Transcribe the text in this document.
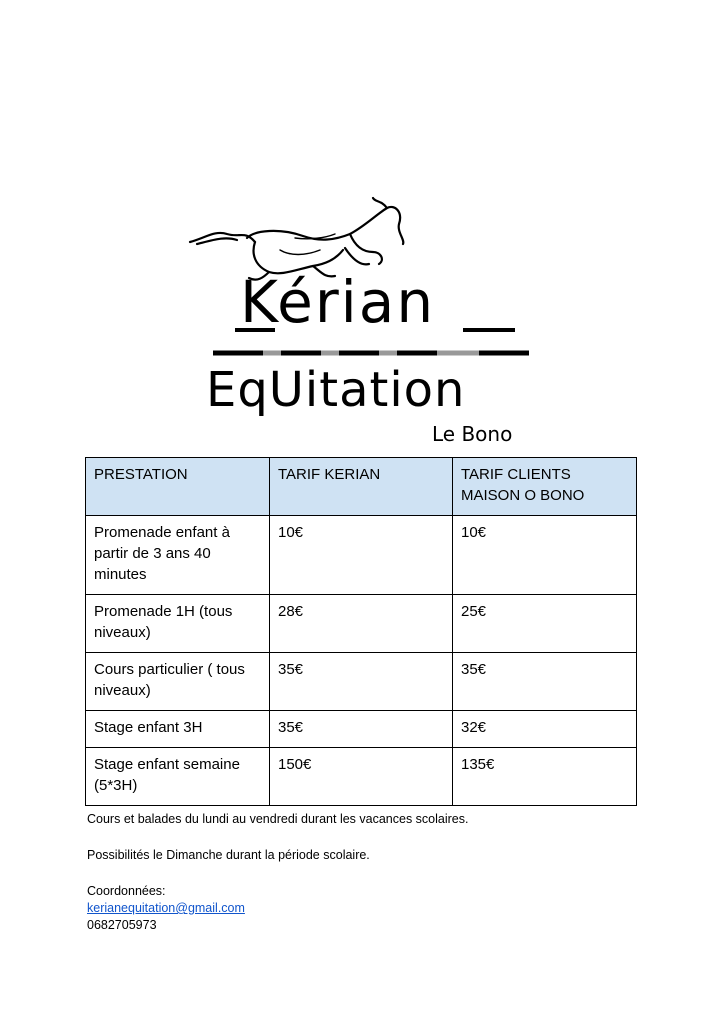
Kérian
EqUitation
Le Bono
PRESTATION	TARIF KERIAN	TARIF CLIENTS MAISON O BONO
Promenade enfant à partir de 3 ans 40 minutes	10€	10€
Promenade 1H (tous niveaux)	28€	25€
Cours particulier ( tous niveaux)	35€	35€
Stage enfant 3H	35€	32€
Stage enfant semaine (5*3H)	150€	135€
Cours et balades du lundi au vendredi durant les vacances scolaires.
Possibilités le Dimanche durant la période scolaire.
Coordonnées:
kerianequitation@gmail.com
0682705973
